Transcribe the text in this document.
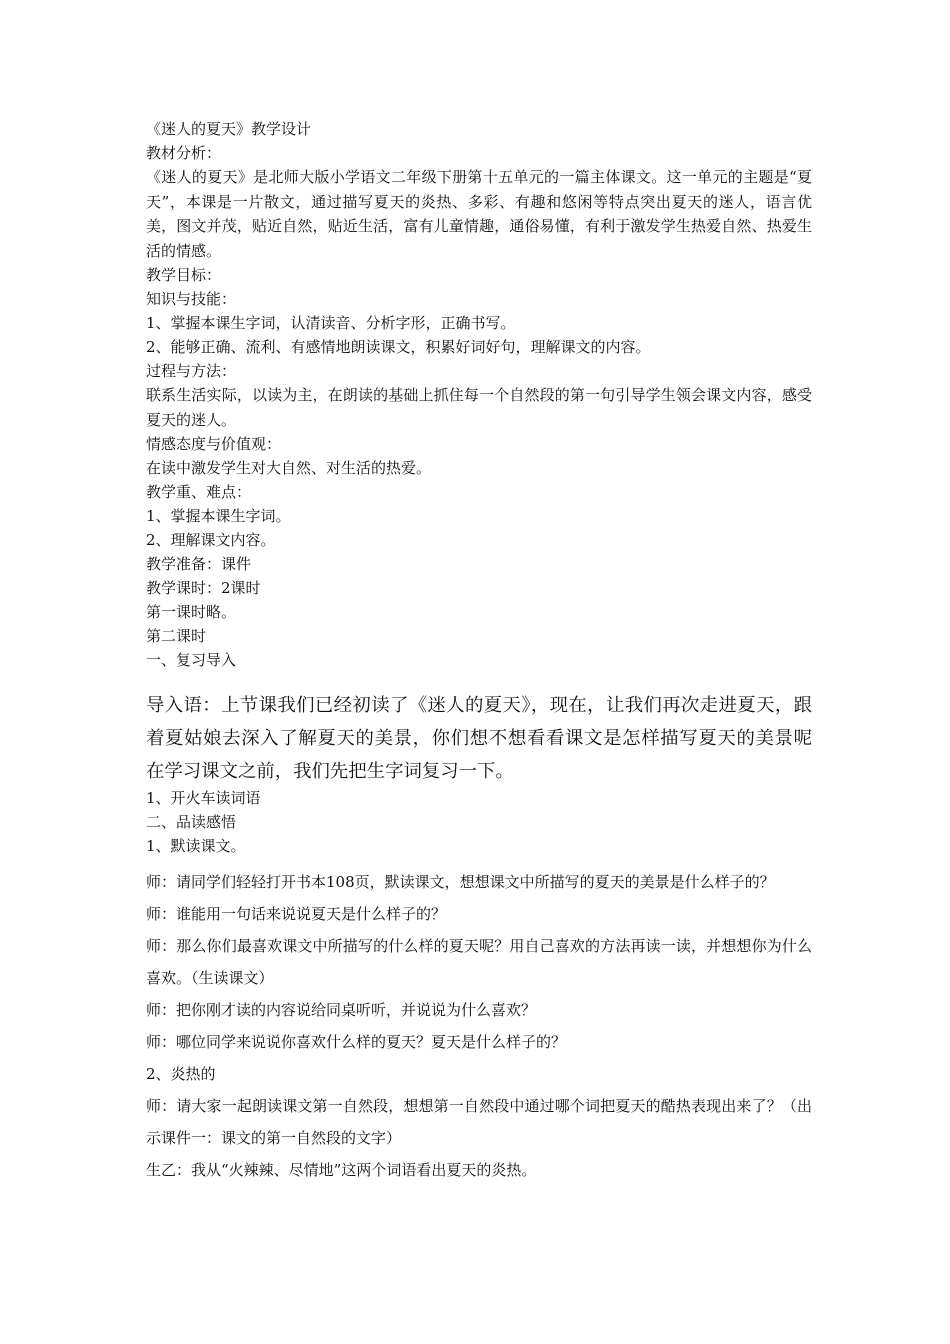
《迷人的夏天》教学设计
教材分析：
《迷人的夏天》是北师大版小学语文二年级下册第十五单元的一篇主体课文。这一单元的主题是“夏天”，本课是一片散文，通过描写夏天的炎热、多彩、有趣和悠闲等特点突出夏天的迷人，语言优美，图文并茂，贴近自然，贴近生活，富有儿童情趣，通俗易懂，有利于激发学生热爱自然、热爱生活的情感。
教学目标：
知识与技能：
1、掌握本课生字词，认清读音、分析字形，正确书写。
2、能够正确、流利、有感情地朗读课文，积累好词好句，理解课文的内容。
过程与方法：
联系生活实际，以读为主，在朗读的基础上抓住每一个自然段的第一句引导学生领会课文内容，感受夏天的迷人。
情感态度与价值观：
在读中激发学生对大自然、对生活的热爱。
教学重、难点：
1、掌握本课生字词。
2、理解课文内容。
教学准备：课件
教学课时：2课时
第一课时略。
第二课时
一、复习导入
导入语：上节课我们已经初读了《迷人的夏天》，现在，让我们再次走进夏天，跟着夏姑娘去深入了解夏天的美景，你们想不想看看课文是怎样描写夏天的美景呢 在学习课文之前，我们先把生字词复习一下。
1、开火车读词语
二、品读感悟
1、默读课文。
师：请同学们轻轻打开书本108页，默读课文，想想课文中所描写的夏天的美景是什么样子的？
师：谁能用一句话来说说夏天是什么样子的？
师：那么你们最喜欢课文中所描写的什么样的夏天呢？用自己喜欢的方法再读一读，并想想你为什么喜欢。（生读课文）
师：把你刚才读的内容说给同桌听听，并说说为什么喜欢？
师：哪位同学来说说你喜欢什么样的夏天？夏天是什么样子的？
2、炎热的
师：请大家一起朗读课文第一自然段，想想第一自然段中通过哪个词把夏天的酷热表现出来了？（出示课件一：课文的第一自然段的文字）
生乙：我从“火辣辣、尽情地”这两个词语看出夏天的炎热。
